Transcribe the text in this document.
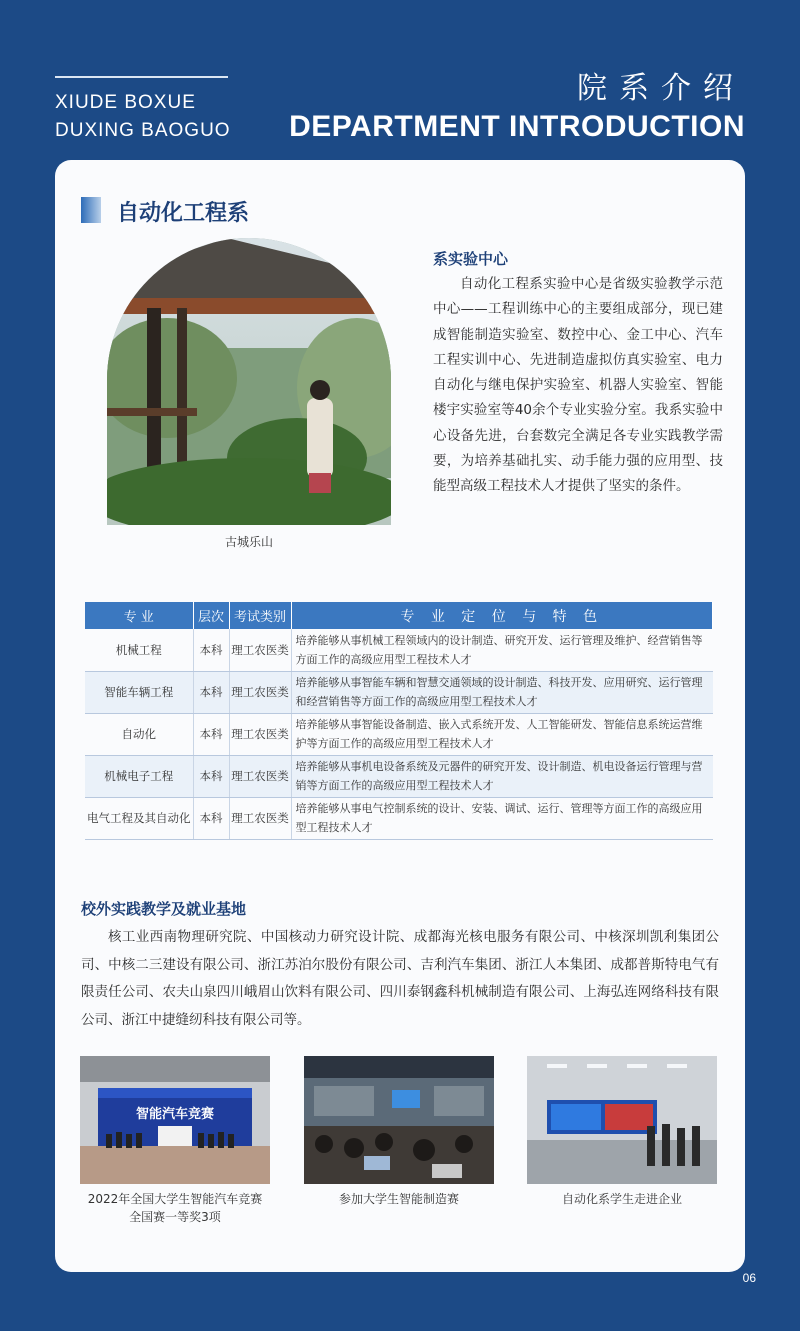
XIUDE BOXUE
DUXING BAOGUO
院系介绍
DEPARTMENT INTRODUCTION
自动化工程系
古城乐山
系实验中心
自动化工程系实验中心是省级实验教学示范中心——工程训练中心的主要组成部分，现已建成智能制造实验室、数控中心、金工中心、汽车工程实训中心、先进制造虚拟仿真实验室、电力自动化与继电保护实验室、机器人实验室、智能楼宇实验室等40余个专业实验分室。我系实验中心设备先进，台套数完全满足各专业实践教学需要，为培养基础扎实、动手能力强的应用型、技能型高级工程技术人才提供了坚实的条件。
专 业	层次	考试类别	专 业 定 位 与 特 色
机械工程	本科	理工农医类	培养能够从事机械工程领域内的设计制造、研究开发、运行管理及维护、经营销售等方面工作的高级应用型工程技术人才
智能车辆工程	本科	理工农医类	培养能够从事智能车辆和智慧交通领域的设计制造、科技开发、应用研究、运行管理和经营销售等方面工作的高级应用型工程技术人才
自动化	本科	理工农医类	培养能够从事智能设备制造、嵌入式系统开发、人工智能研发、智能信息系统运营维护等方面工作的高级应用型工程技术人才
机械电子工程	本科	理工农医类	培养能够从事机电设备系统及元器件的研究开发、设计制造、机电设备运行管理与营销等方面工作的高级应用型工程技术人才
电气工程及其自动化	本科	理工农医类	培养能够从事电气控制系统的设计、安装、调试、运行、管理等方面工作的高级应用型工程技术人才
校外实践教学及就业基地
核工业西南物理研究院、中国核动力研究设计院、成都海光核电服务有限公司、中核深圳凯利集团公司、中核二三建设有限公司、浙江苏泊尔股份有限公司、吉利汽车集团、浙江人本集团、成都普斯特电气有限责任公司、农夫山泉四川峨眉山饮料有限公司、四川泰钢鑫科机械制造有限公司、上海弘连网络科技有限公司、浙江中捷缝纫科技有限公司等。
智能汽车竞赛
2022年全国大学生智能汽车竞赛
全国赛一等奖3项
参加大学生智能制造赛	自动化系学生走进企业
06
